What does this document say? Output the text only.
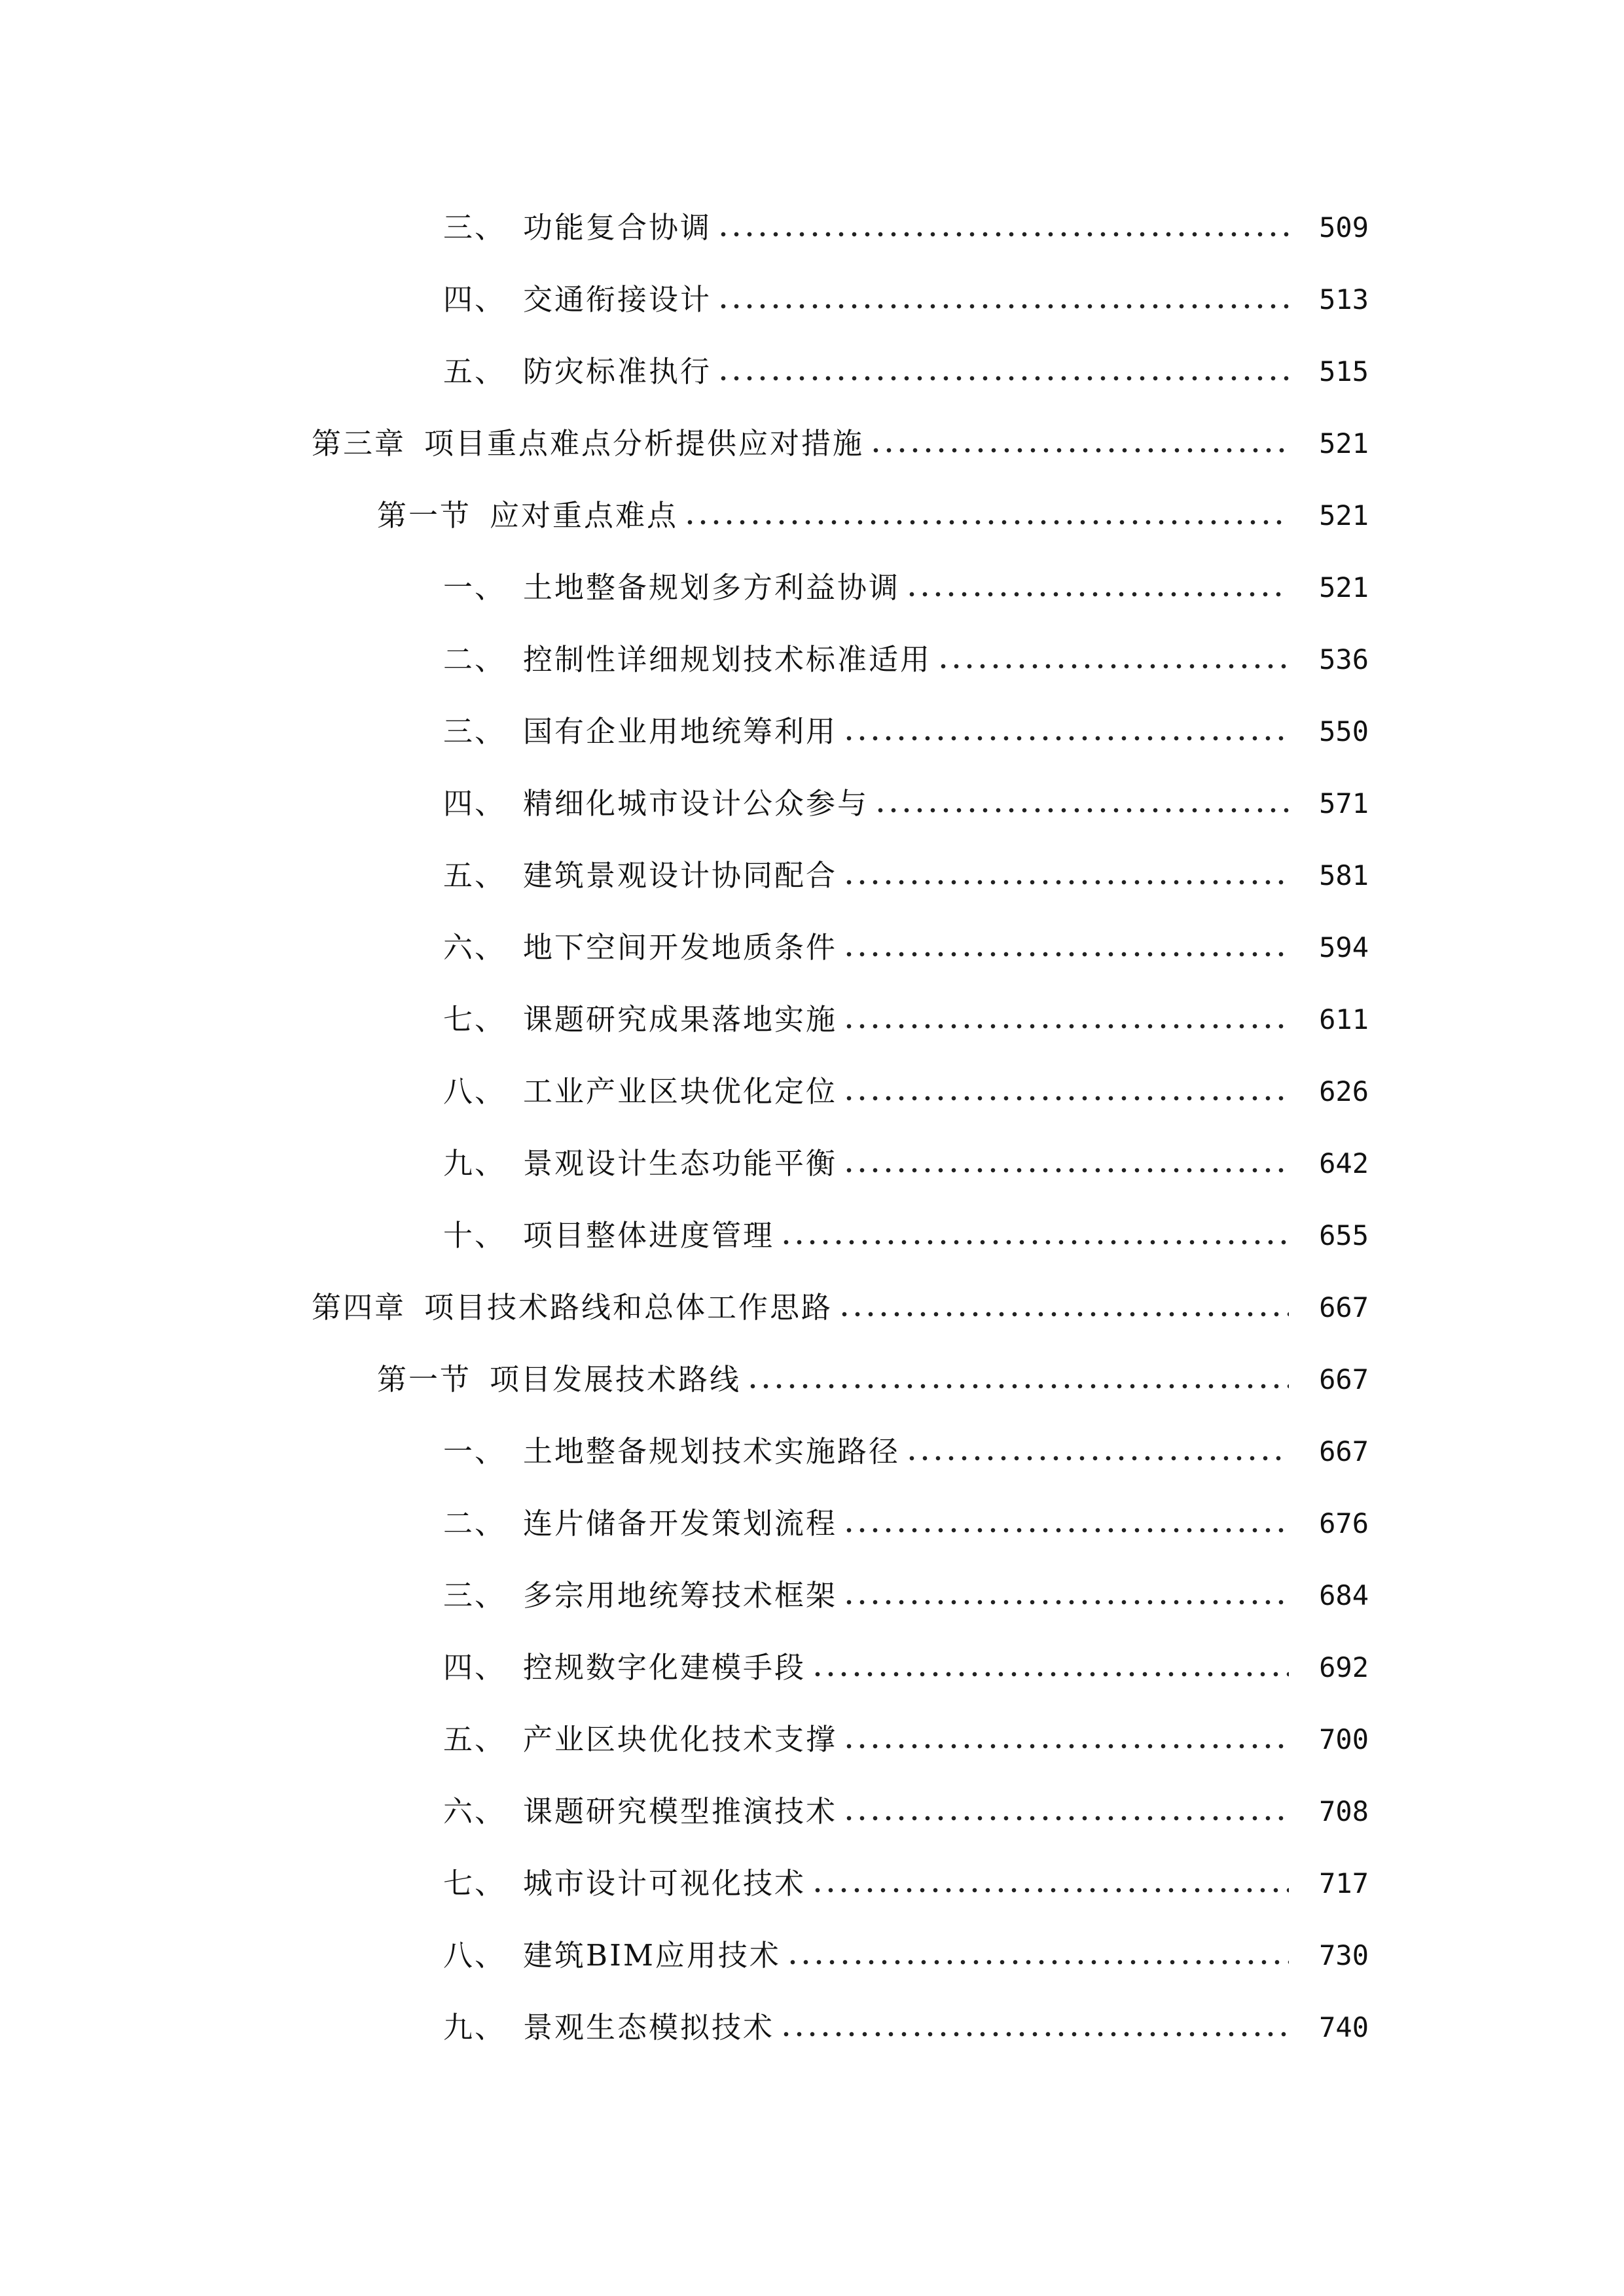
三、 功能复合协调	509
四、 交通衔接设计	513
五、 防灾标准执行	515
第三章 项目重点难点分析提供应对措施	521
第一节 应对重点难点	521
一、 土地整备规划多方利益协调	521
二、 控制性详细规划技术标准适用	536
三、 国有企业用地统筹利用	550
四、 精细化城市设计公众参与	571
五、 建筑景观设计协同配合	581
六、 地下空间开发地质条件	594
七、 课题研究成果落地实施	611
八、 工业产业区块优化定位	626
九、 景观设计生态功能平衡	642
十、 项目整体进度管理	655
第四章 项目技术路线和总体工作思路	667
第一节 项目发展技术路线	667
一、 土地整备规划技术实施路径	667
二、 连片储备开发策划流程	676
三、 多宗用地统筹技术框架	684
四、 控规数字化建模手段	692
五、 产业区块优化技术支撑	700
六、 课题研究模型推演技术	708
七、 城市设计可视化技术	717
八、 建筑BIM应用技术	730
九、 景观生态模拟技术	740
